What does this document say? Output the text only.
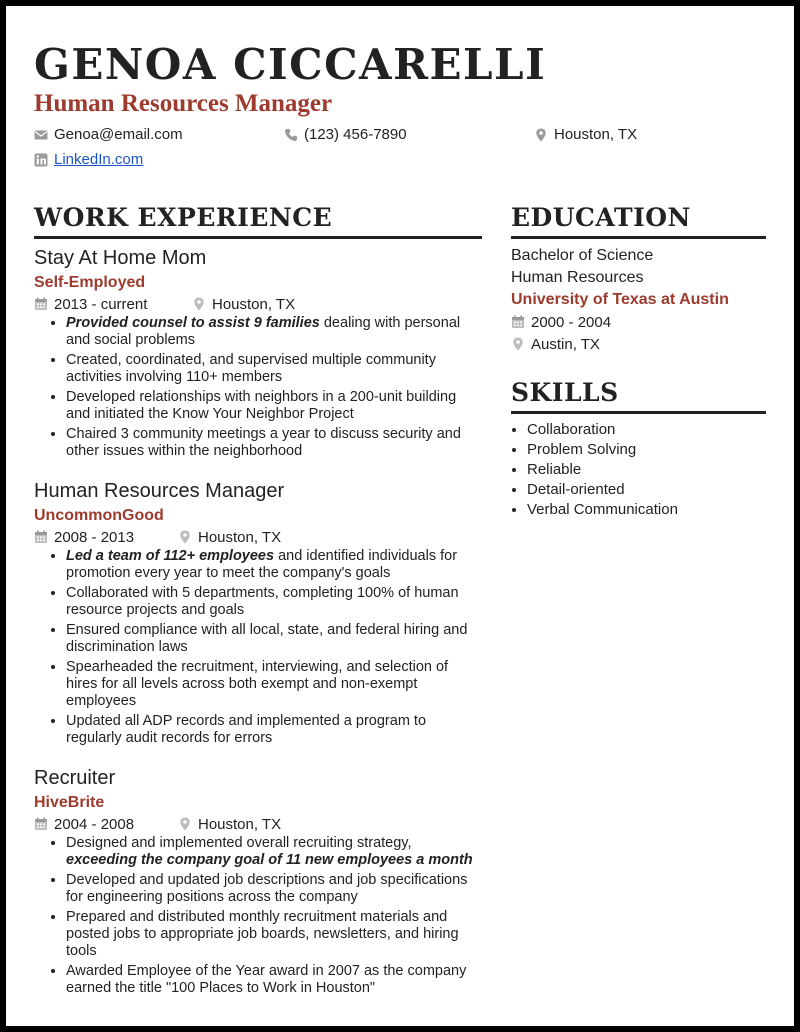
GENOA CICCARELLI
Human Resources Manager
Genoa@email.com	(123) 456-7890	Houston, TX
LinkedIn.com
WORK EXPERIENCE

Stay At Home Mom

Self-Employed

2013 - current	Houston, TX
• Provided counsel to assist 9 families dealing with personal and social problems
• Created, coordinated, and supervised multiple community activities involving 110+ members
• Developed relationships with neighbors in a 200-unit building and initiated the Know Your Neighbor Project
• Chaired 3 community meetings a year to discuss security and other issues within the neighborhood

Human Resources Manager

UncommonGood

2008 - 2013	Houston, TX
• Led a team of 112+ employees and identified individuals for promotion every year to meet the company's goals
• Collaborated with 5 departments, completing 100% of human resource projects and goals
• Ensured compliance with all local, state, and federal hiring and discrimination laws
• Spearheaded the recruitment, interviewing, and selection of hires for all levels across both exempt and non-exempt employees
• Updated all ADP records and implemented a program to regularly audit records for errors

Recruiter

HiveBrite

2004 - 2008	Houston, TX
• Designed and implemented overall recruiting strategy, exceeding the company goal of 11 new employees a month
• Developed and updated job descriptions and job specifications for engineering positions across the company
• Prepared and distributed monthly recruitment materials and posted jobs to appropriate job boards, newsletters, and hiring tools
• Awarded Employee of the Year award in 2007 as the company earned the title "100 Places to Work in Houston"
EDUCATION

Bachelor of Science

Human Resources

University of Texas at Austin

2000 - 2004
Austin, TX
SKILLS
• Collaboration
• Problem Solving
• Reliable
• Detail-oriented
• Verbal Communication
